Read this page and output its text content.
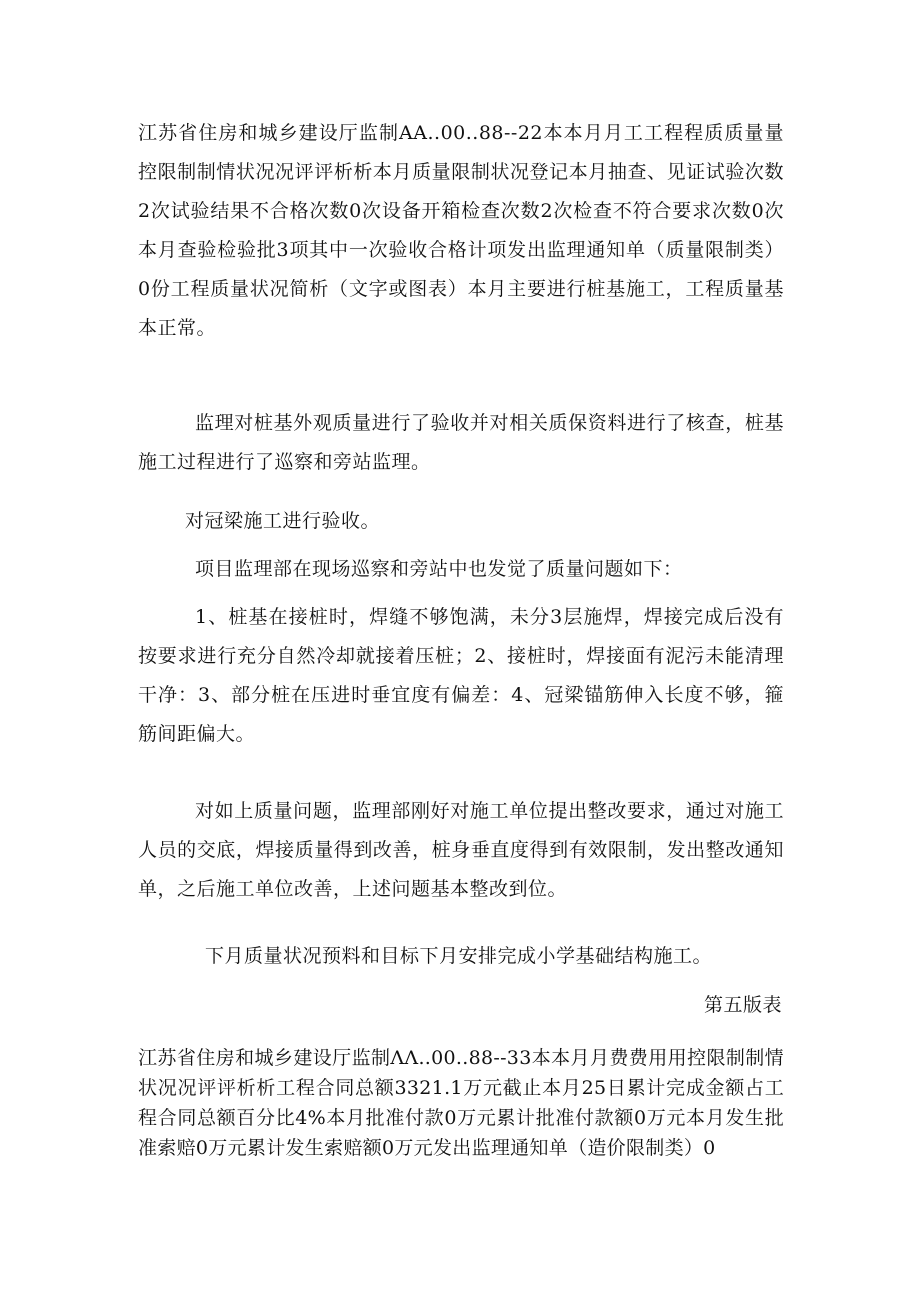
江苏省住房和城乡建设厅监制AA..00..88--22本本月月工工程程质质量量控限制制情状况况评评析析本月质量限制状况登记本月抽查、见证试验次数2次试验结果不合格次数0次设备开箱检查次数2次检查不符合要求次数0次本月查验检验批3项其中一次验收合格计项发出监理通知单（质量限制类）0份工程质量状况简析（文字或图表）本月主要进行桩基施工，工程质量基本正常。

监理对桩基外观质量进行了验收并对相关质保资料进行了核查，桩基施工过程进行了巡察和旁站监理。

对冠梁施工进行验收。

项目监理部在现场巡察和旁站中也发觉了质量问题如下：

1、桩基在接桩时，焊缝不够饱满，未分3层施焊，焊接完成后没有按要求进行充分自然冷却就接着压桩；2、接桩时，焊接面有泥污未能清理干净：3、部分桩在压进时垂宜度有偏差：4、冠梁锚筋伸入长度不够，箍筋间距偏大。

对如上质量问题，监理部刚好对施工单位提出整改要求，通过对施工人员的交底，焊接质量得到改善，桩身垂直度得到有效限制，发出整改通知单，之后施工单位改善，上述问题基本整改到位。

下月质量状况预料和目标下月安排完成小学基础结构施工。

第五版表

江苏省住房和城乡建设厅监制ΛΛ..00..88--33本本月月费费用用控限制制情状况况评评析析工程合同总额3321.1万元截止本月25日累计完成金额占工程合同总额百分比4%本月批准付款0万元累计批准付款额0万元本月发生批准索赔0万元累计发生索赔额0万元发出监理通知单（造价限制类）0
